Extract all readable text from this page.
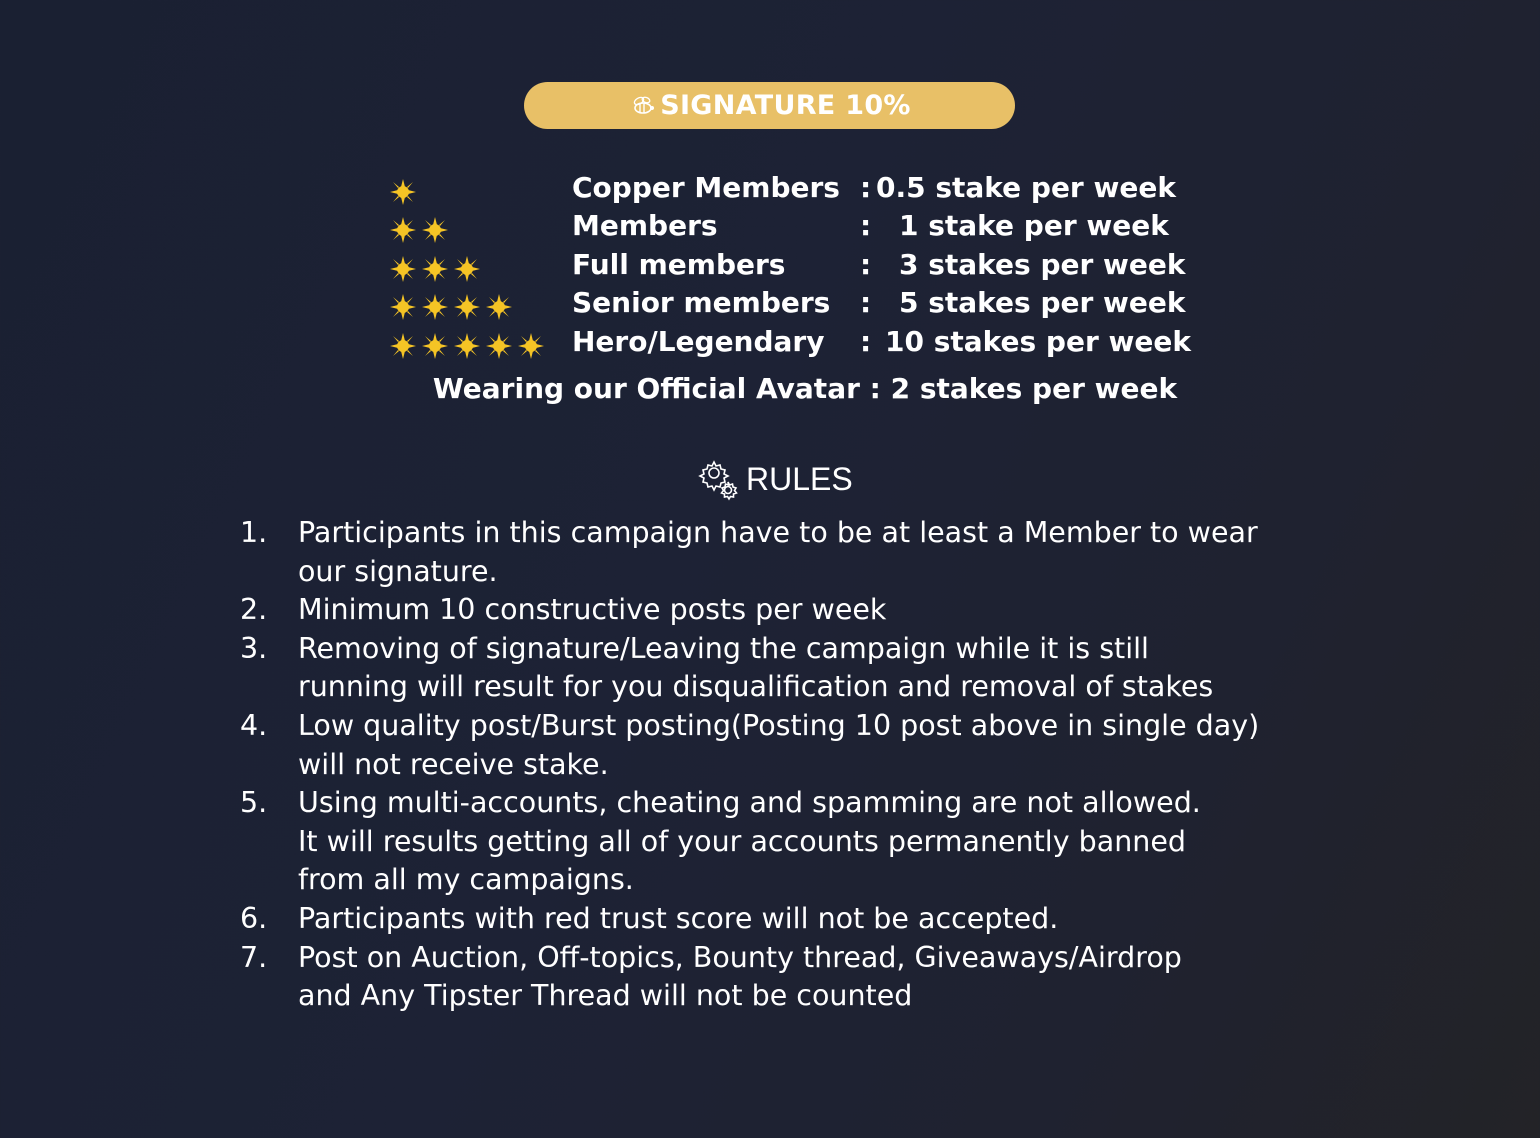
SIGNATURE 10%
Copper Members : 0.5 stake per week
Members	: 1 stake per week
Full members	: 3 stakes per week
Senior members : 5 stakes per week
Hero/Legendary : 10 stakes per week
Wearing our Official Avatar : 2 stakes per week
RULES
1. Participants in this campaign have to be at least a Member to wear
our signature.
2. Minimum 10 constructive posts per week
3. Removing of signature/Leaving the campaign while it is still
running will result for you disqualification and removal of stakes
4. Low quality post/Burst posting(Posting 10 post above in single day)
will not receive stake.
5. Using multi-accounts, cheating and spamming are not allowed.
It will results getting all of your accounts permanently banned
from all my campaigns.
6. Participants with red trust score will not be accepted.
7. Post on Auction, Off-topics, Bounty thread, Giveaways/Airdrop
and Any Tipster Thread will not be counted
